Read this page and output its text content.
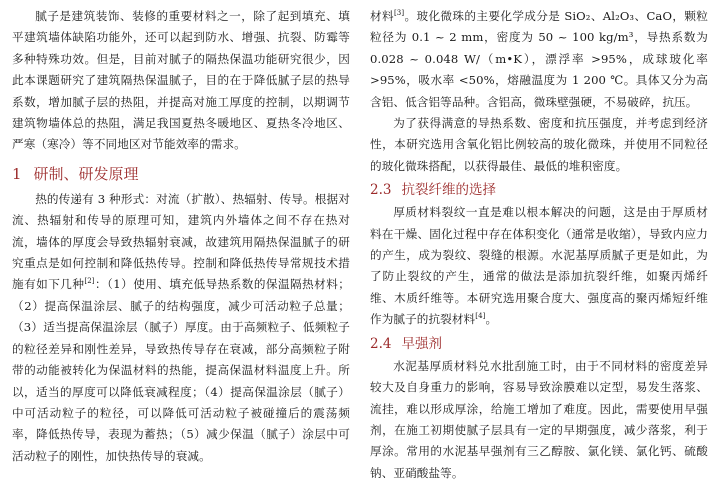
腻子是建筑装饰、装修的重要材料之一，除了起到填充、填平建筑墙体缺陷功能外，还可以起到防水、增强、抗裂、防霉等多种特殊功效。但是，目前对腻子的隔热保温功能研究很少，因此本课题研究了建筑隔热保温腻子，目的在于降低腻子层的热导系数，增加腻子层的热阻，并提高对施工厚度的控制，以期调节建筑物墙体总的热阻，满足我国夏热冬暖地区、夏热冬冷地区、严寒（寒冷）等不同地区对节能效率的需求。

1 研制、研发原理

热的传递有 3 种形式：对流（扩散）、热辐射、传导。根据对流、热辐射和传导的原理可知，建筑内外墙体之间不存在热对流，墙体的厚度会导致热辐射衰减，故建筑用隔热保温腻子的研究重点是如何控制和降低热传导。控制和降低热传导常规技术措施有如下几种[2]：（1）使用、填充低导热系数的保温隔热材料；（2）提高保温涂层、腻子的结构强度，减少可活动粒子总量；（3）适当提高保温涂层（腻子）厚度。由于高频粒子、低频粒子的粒径差异和刚性差异，导致热传导存在衰减，部分高频粒子附带的动能被转化为保温材料的热能，提高保温材料温度上升。所以，适当的厚度可以降低衰减程度；（4）提高保温涂层（腻子）中可活动粒子的粒径，可以降低可活动粒子被碰撞后的震荡频率，降低热传导，表现为蓄热；（5）减少保温（腻子）涂层中可活动粒子的刚性，加快热传导的衰减。

材料[3]。玻化微珠的主要化学成分是 SiO₂、Al₂O₃、CaO，颗粒粒径为 0.1 ~ 2 mm，密度为 50 ~ 100 kg/m³，导热系数为 0.028 ~ 0.048 W/（m•K），漂浮率 >95%，成球玻化率 >95%，吸水率 <50%，熔融温度为 1 200 ℃。具体又分为高含铝、低含铝等品种。含铝高，微珠壁强硬，不易破碎，抗压。

为了获得满意的导热系数、密度和抗压强度，并考虑到经济性，本研究选用含氧化铝比例较高的玻化微珠，并使用不同粒径的玻化微珠搭配，以获得最佳、最低的堆积密度。

2.3 抗裂纤维的选择

厚质材料裂纹一直是难以根本解决的问题，这是由于厚质材料在干燥、固化过程中存在体积变化（通常是收缩），导致内应力的产生，成为裂纹、裂缝的根源。水泥基厚质腻子更是如此，为了防止裂纹的产生，通常的做法是添加抗裂纤维，如聚丙烯纤维、木质纤维等。本研究选用聚合度大、强度高的聚丙烯短纤维作为腻子的抗裂材料[4]。

2.4 早强剂

水泥基厚质材料兑水批刮施工时，由于不同材料的密度差异较大及自身重力的影响，容易导致涂膜难以定型，易发生落浆、流挂，难以形成厚涂，给施工增加了难度。因此，需要使用早强剂，在施工初期使腻子层具有一定的早期强度，减少落浆，利于厚涂。常用的水泥基早强剂有三乙醇胺、氯化镁、氯化钙、硫酸钠、亚硝酸盐等。
